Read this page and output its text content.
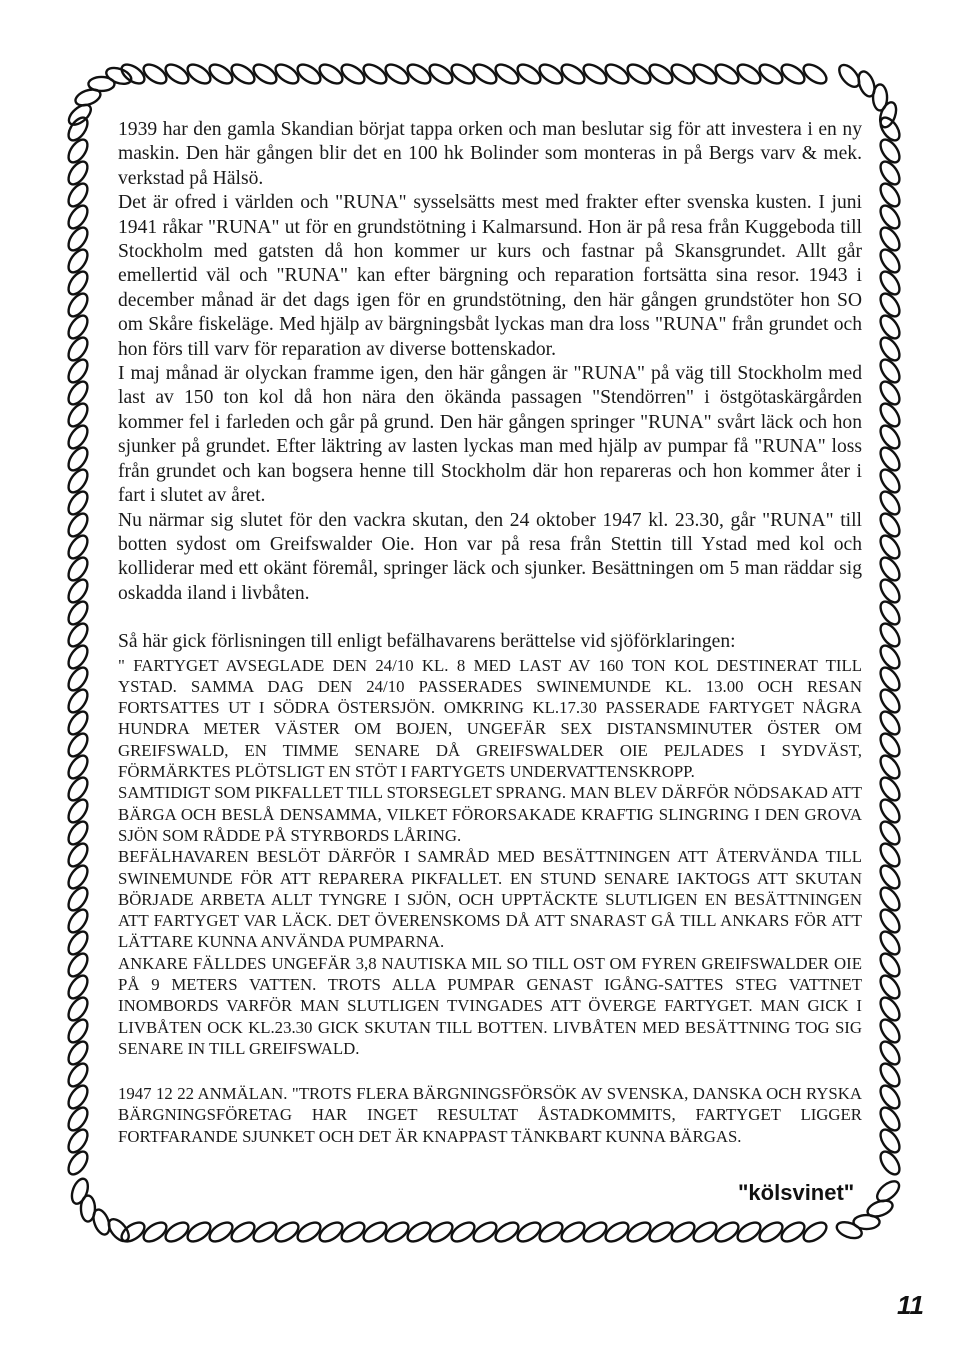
1939 har den gamla Skandian börjat tappa orken och man beslutar sig för att investera i en ny maskin. Den här gången blir det en 100 hk Bolinder som monteras in på Bergs varv & mek. verkstad på Hälsö.

Det är ofred i världen och "RUNA" sysselsätts mest med frakter efter svenska kusten. I juni 1941 råkar "RUNA" ut för en grundstötning i Kalmarsund. Hon är på resa från Kuggeboda till Stockholm med gatsten då hon kommer ur kurs och fastnar på Skansgrundet. Allt går emellertid väl och "RUNA" kan efter bärgning och reparation fortsätta sina resor. 1943 i december månad är det dags igen för en grundstötning, den här gången grundstöter hon SO om Skåre fiskeläge. Med hjälp av bärgningsbåt lyckas man dra loss "RUNA" från grundet och hon förs till varv för reparation av diverse bottenskador.

I maj månad är olyckan framme igen, den här gången är "RUNA" på väg till Stockholm med last av 150 ton kol då hon nära den ökända passagen "Stendörren" i östgötaskärgården kommer fel i farleden och går på grund. Den här gången springer "RUNA" svårt läck och hon sjunker på grundet. Efter läktring av lasten lyckas man med hjälp av pumpar få "RUNA" loss från grundet och kan bogsera henne till Stockholm där hon repareras och hon kommer åter i fart i slutet av året.

Nu närmar sig slutet för den vackra skutan, den 24 oktober 1947 kl. 23.30, går "RUNA" till botten sydost om Greifswalder Oie. Hon var på resa från Stettin till Ystad med kol och kolliderar med ett okänt föremål, springer läck och sjunker. Besättningen om 5 man räddar sig oskadda iland i livbåten.

Så här gick förlisningen till enligt befälhavarens berättelse vid sjöförklaringen:

" FARTYGET AVSEGLADE DEN 24/10 KL. 8 MED LAST AV 160 TON KOL DESTINERAT TILL YSTAD. SAMMA DAG DEN 24/10 PASSERADES SWINEMUNDE KL. 13.00 OCH RESAN FORTSATTES UT I SÖDRA ÖSTERSJÖN. OMKRING KL.17.30 PASSERADE FARTYGET NÅGRA HUNDRA METER VÄSTER OM BOJEN, UNGEFÄR SEX DISTANSMINUTER ÖSTER OM GREIFSWALD, EN TIMME SENARE DÅ GREIFSWALDER OIE PEJLADES I SYDVÄST, FÖRMÄRKTES PLÖTSLIGT EN STÖT I FARTYGETS UNDERVATTENSKROPP.

SAMTIDIGT SOM PIKFALLET TILL STORSEGLET SPRANG. MAN BLEV DÄRFÖR NÖDSAKAD ATT BÄRGA OCH BESLÅ DENSAMMA, VILKET FÖRORSAKADE KRAFTIG SLINGRING I DEN GROVA SJÖN SOM RÅDDE PÅ STYRBORDS LÅRING.

BEFÄLHAVAREN BESLÖT DÄRFÖR I SAMRÅD MED BESÄTTNINGEN ATT ÅTERVÄNDA TILL SWINEMUNDE FÖR ATT REPARERA PIKFALLET. EN STUND SENARE IAKTOGS ATT SKUTAN BÖRJADE ARBETA ALLT TYNGRE I SJÖN, OCH UPPTÄCKTE SLUTLIGEN EN BESÄTTNINGEN ATT FARTYGET VAR LÄCK. DET ÖVERENSKOMS DÅ ATT SNARAST GÅ TILL ANKARS FÖR ATT LÄTTARE KUNNA ANVÄNDA PUMPARNA.

ANKARE FÄLLDES UNGEFÄR 3,8 NAUTISKA MIL SO TILL OST OM FYREN GREIFSWALDER OIE PÅ 9 METERS VATTEN. TROTS ALLA PUMPAR GENAST IGÅNG-SATTES STEG VATTNET INOMBORDS VARFÖR MAN SLUTLIGEN TVINGADES ATT ÖVERGE FARTYGET. MAN GICK I LIVBÅTEN OCK KL.23.30 GICK SKUTAN TILL BOTTEN. LIVBÅTEN MED BESÄTTNING TOG SIG SENARE IN TILL GREIFSWALD.

1947 12 22 ANMÄLAN. "TROTS FLERA BÄRGNINGSFÖRSÖK AV SVENSKA, DANSKA OCH RYSKA BÄRGNINGSFÖRETAG HAR INGET RESULTAT ÅSTADKOMMITS, FARTYGET LIGGER FORTFARANDE SJUNKET OCH DET ÄR KNAPPAST TÄNKBART KUNNA BÄRGAS.

"kölsvinet"
11
